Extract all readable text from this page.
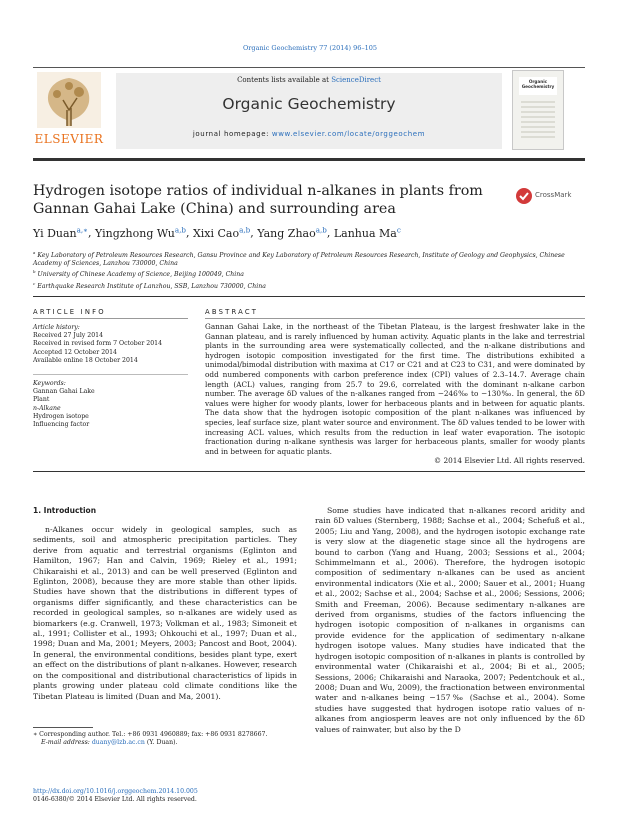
Organic Geochemistry 77 (2014) 96–105
ELSEVIER
Contents lists available at ScienceDirect
Organic Geochemistry
journal homepage: www.elsevier.com/locate/orggeochem
Organic Geochemistry
Hydrogen isotope ratios of individual n-alkanes in plants from Gannan Gahai Lake (China) and surrounding area
CrossMark
Yi Duan$^{a,∗}$, Yingzhong Wu$^{a,b}$, Xixi Cao$^{a,b}$, Yang Zhao$^{a,b}$, Lanhua Ma$^c$
$^a$ Key Laboratory of Petroleum Resources Research, Gansu Province and Key Laboratory of Petroleum Resources Research, Institute of Geology and Geophysics, Chinese Academy of Sciences, Lanzhou 730000, China
$^b$ University of Chinese Academy of Science, Beijing 100049, China
$^c$ Earthquake Research Institute of Lanzhou, SSB, Lanzhou 730000, China
ARTICLE INFO
Article history:
Received 27 July 2014
Received in revised form 7 October 2014
Accepted 12 October 2014
Available online 18 October 2014
Keywords:
Gannan Gahai Lake
Plant
n-Alkane
Hydrogen isotope
Influencing factor
ABSTRACT
Gannan Gahai Lake, in the northeast of the Tibetan Plateau, is the largest freshwater lake in the Gannan plateau, and is rarely influenced by human activity. Aquatic plants in the lake and terrestrial plants in the surrounding area were systematically collected, and the n-alkane distributions and hydrogen isotopic composition investigated for the first time. The distributions exhibited a unimodal/bimodal distribution with maxima at C17 or C21 and at C23 to C31, and were dominated by odd numbered components with carbon preference index (CPI) values of 2.3–14.7. Average chain length (ACL) values, ranging from 25.7 to 29.6, correlated with the dominant n-alkane carbon number. The average δD values of the n-alkanes ranged from −246‰ to −130‰. In general, the δD values were higher for woody plants, lower for herbaceous plants and in between for aquatic plants. The data show that the hydrogen isotopic composition of the plant n-alkanes was influenced by species, leaf surface size, plant water source and environment. The δD values tended to be lower with increasing ACL values, which results from the reduction in leaf water evaporation. The isotopic fractionation during n-alkane synthesis was larger for herbaceous plants, smaller for woody plants and in between for aquatic plants.
© 2014 Elsevier Ltd. All rights reserved.
1. Introduction
n-Alkanes occur widely in geological samples, such as sediments, soil and atmospheric precipitation particles. They derive from aquatic and terrestrial organisms (Eglinton and Hamilton, 1967; Han and Calvin, 1969; Rieley et al., 1991; Chikaraishi et al., 2013) and can be well preserved (Eglinton and Eglinton, 2008), because they are more stable than other lipids. Studies have shown that the distributions in different types of organisms differ significantly, and these characteristics can be recorded in geological samples, so n-alkanes are widely used as biomarkers (e.g. Cranwell, 1973; Volkman et al., 1983; Simoneit et al., 1991; Collister et al., 1993; Ohkouchi et al., 1997; Duan et al., 1998; Duan and Ma, 2001; Meyers, 2003; Pancost and Boot, 2004). In general, the environmental conditions, besides plant type, exert an effect on the distributions of plant n-alkanes. However, research on the compositional and distributional characteristics of lipids in plants growing under plateau cold climate conditions like the Tibetan Plateau is limited (Duan and Ma, 2001).
Some studies have indicated that n-alkanes record aridity and rain δD values (Sternberg, 1988; Sachse et al., 2004; Schefuß et al., 2005; Liu and Yang, 2008), and the hydrogen isotopic exchange rate is very slow at the diagenetic stage since all the hydrogens are bound to carbon (Yang and Huang, 2003; Sessions et al., 2004; Schimmelmann et al., 2006). Therefore, the hydrogen isotopic composition of sedimentary n-alkanes can be used as ancient environmental indicators (Xie et al., 2000; Sauer et al., 2001; Huang et al., 2002; Sachse et al., 2004; Sachse et al., 2006; Sessions, 2006; Smith and Freeman, 2006). Because sedimentary n-alkanes are derived from organisms, studies of the factors influencing the hydrogen isotopic composition of n-alkanes in organisms can provide evidence for the application of sedimentary n-alkane hydrogen isotope values. Many studies have indicated that the hydrogen isotopic composition of n-alkanes in plants is controlled by environmental water (Chikaraishi et al., 2004; Bi et al., 2005; Sessions, 2006; Chikaraishi and Naraoka, 2007; Pedentchouk et al., 2008; Duan and Wu, 2009), the fractionation between environmental water and n-alkanes being −157‰ (Sachse et al., 2004). Some studies have suggested that hydrogen isotope ratio values of n-alkanes from angiosperm leaves are not only influenced by the δD values of rainwater, but also by the D
∗ Corresponding author. Tel.: +86 0931 4960889; fax: +86 0931 8278667.
E-mail address: duany@lzb.ac.cn (Y. Duan).
http://dx.doi.org/10.1016/j.orggeochem.2014.10.005
0146-6380/© 2014 Elsevier Ltd. All rights reserved.
